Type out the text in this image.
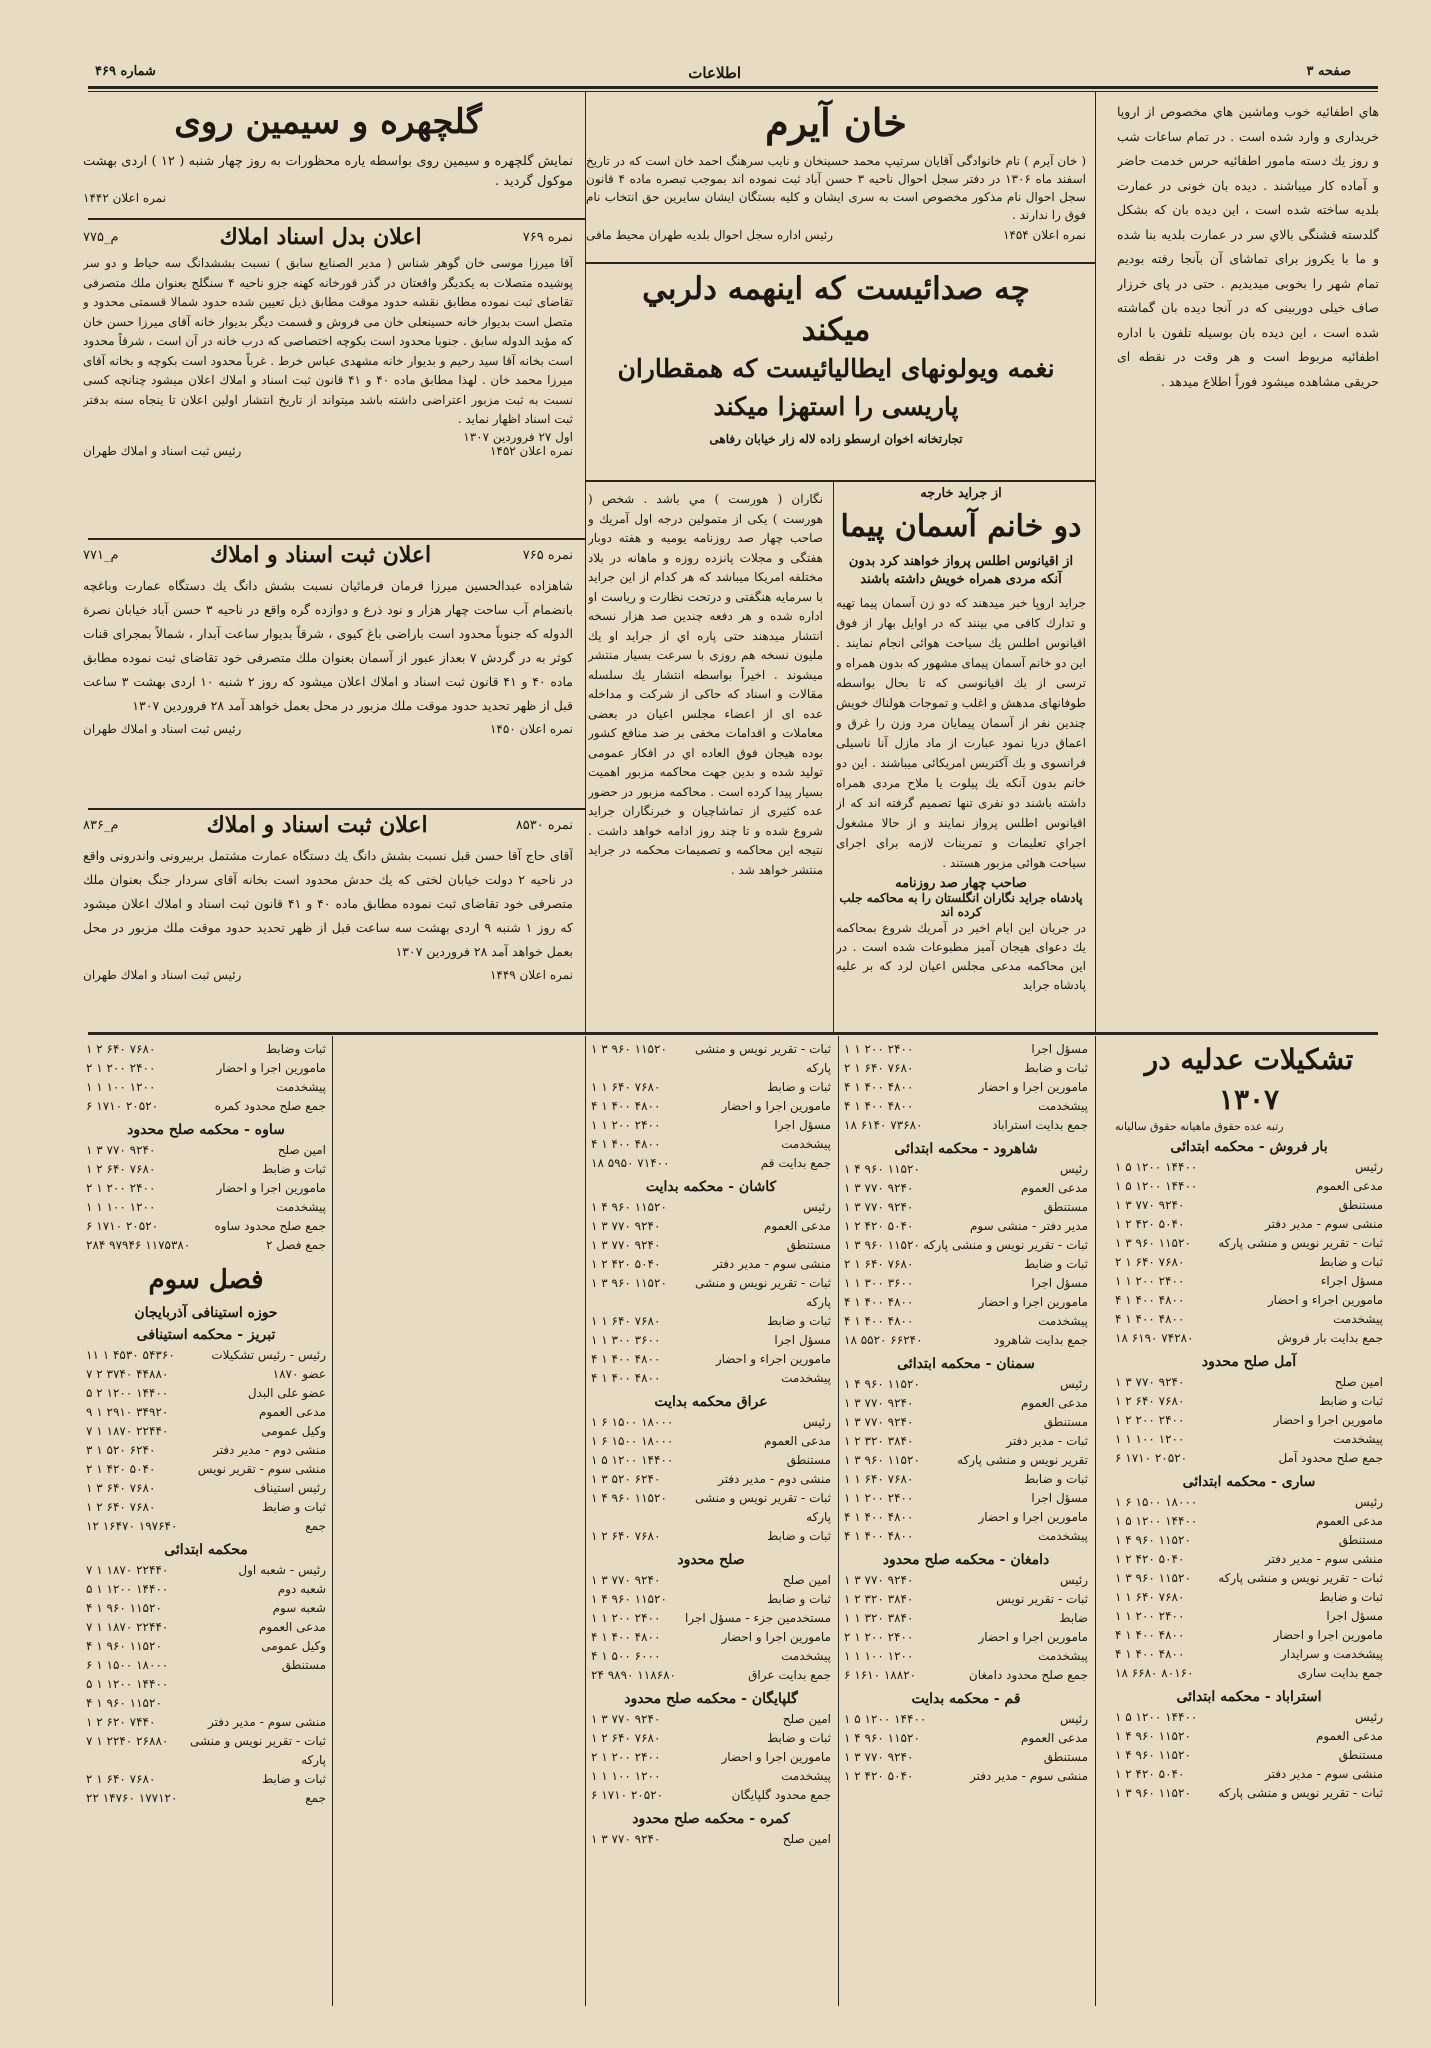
صفحه ۳
اطلاعات
شماره ۴۶۹
هاي اطفائيه خوب وماشين هاي مخصوص از اروپا خريدارى و وارد شده است . در تمام ساعات شب و روز يك دسته مامور اطفائيه حرس خدمت حاضر و آماده كار ميباشند . ديده بان خونى در عمارت بلديه ساخته شده است ، اين ديده بان كه بشكل گلدسته قشنگى بالاي سر در عمارت بلديه بنا شده و ما با يكروز براى تماشاى آن بآنجا رفته بوديم تمام شهر را بخوبى ميديديم . حتى در پاى خرزار صاف خيلى دوربينى كه در آنجا ديده بان گماشته شده است ، اين ديده بان بوسيله تلفون با اداره اطفائيه مربوط است و هر وقت در نقطه اى حريقى مشاهده ميشود فوراً اطلاع ميدهد .
خان آيرم
( خان آيرم ) نام خانوادگى آقايان سرتيپ محمد حسينخان و نايب سرهنگ احمد خان است كه در تاريخ اسفند ماه ۱۳۰۶ در دفتر سجل احوال ناحيه ۳ حسن آباد ثبت نموده اند بموجب تبصره ماده ۴ قانون سجل احوال نام مذكور مخصوص است به سرى ايشان و كليه بستگان ايشان سايرين حق انتخاب نام فوق را ندارند .
نمره اعلان ۱۴۵۴
رئيس اداره سجل احوال بلديه طهران محيط مافى
چه صدائيست كه اينهمه دلربي
ميكند
نغمه ويولونهاى ايطاليائيست كه همقطاران
پاريسى را استهزا ميكند
تجارتخانه اخوان ارسطو زاده لاله زار خيابان رفاهى
از جرايد خارجه
دو خانم آسمان پيما
از اقيانوس اطلس پرواز خواهند كرد بدون آنكه مردى همراه خويش داشته باشند
جرايد اروپا خبر ميدهند كه دو زن آسمان پيما تهيه و تدارك كافى مي بينند كه در اوايل بهار از فوق اقيانوس اطلس يك سياحت هوائى انجام نمايند . اين دو خانم آسمان پيماى مشهور كه بدون همراه و ترسى از بك اقيانوسى كه تا بحال بواسطه طوفانهاى مدهش و اغلب و تموجات هولناك خويش چندين نفر از آسمان پيمايان مرد وزن را غرق و اعماق دريا نمود عبارت از ماد مازل آنا ناسيلى فرانسوى و بك آكتريس امريكائى ميباشند . اين دو خانم بدون آنكه يك پيلوت يا ملاح مردى همراه داشته باشند دو نفرى تنها تصميم گرفته اند كه از اقيانوس اطلس پرواز نمايند و از حالا مشغول اجراي تعليمات و تمرينات لازمه براى اجراى سياحت هوائى مزبور هستند .
صاحب چهار صد روزنامه
پادشاه جرايد نگاران انگلستان را به محاكمه جلب كرده اند
در جريان اين ايام اخير در آمريك شروع بمحاكمه يك دعواى هيجان آميز مطبوعات شده است . در اين محاكمه مدعى مجلس اعيان لرد كه بر عليه پادشاه جرايد
نگاران ( هورست ) مي باشد . شخص ( هورست ) يكى از متمولين درجه اول آمريك و صاحب چهار صد روزنامه يوميه و هفته دوبار هفتگى و مجلات پانزده روزه و ماهانه در بلاد مختلفه امريكا ميباشد كه هر كدام از اين جرايد با سرمايه هنگفتى و درتحت نظارت و رياست او اداره شده و هر دفعه چندين صد هزار نسخه انتشار ميدهند حتى پاره اي از جرايد او يك مليون نسخه هم روزى با سرعت بسيار منتشر ميشوند . اخيراً بواسطه انتشار يك سلسله مقالات و اسناد كه حاكى از شركت و مداخله عده اى از اعضاء مجلس اعيان در بعضى معاملات و اقدامات مخفى بر ضد منافع كشور بوده هيجان فوق العاده اي در افكار عمومى توليد شده و بدين جهت محاكمه مزبور اهميت بسيار پيدا كرده است . محاكمه مزبور در حضور عده كثيرى از تماشاچيان و خبرنگاران جرايد شروع شده و تا چند روز ادامه خواهد داشت . نتيجه اين محاكمه و تصميمات محكمه در جرايد منتشر خواهد شد .
گلچهره و سيمين روى
نمايش گلچهره و سيمين روى بواسطه ياره محظورات به روز چهار شنبه ( ۱۲ ) اردى بهشت موكول گرديد .
نمره اعلان ۱۴۴۲
نمره ۷۶۹
اعلان بدل اسناد املاك
م_۷۷۵
آقا ميرزا موسى خان گوهر شناس ( مدير الصنايع سابق ) نسبت بششدانگ سه حياط و دو سر پوشيده متصلات به يكديگر واقعتان در گذر قورخانه كهنه جزو ناحيه ۴ سنگلج بعنوان ملك متصرفى تقاضاى ثبت نموده مطابق نقشه حدود موقت مطابق ذيل تعيين شده حدود شمالا قسمتى محدود و متصل است بديوار خانه حسينعلى خان مى فروش و قسمت ديگر بديوار خانه آقاى ميرزا حسن خان كه مؤيد الدوله سابق . جنوبا محدود است بكوچه اختصاصى كه درب خانه در آن است ، شرقاً محدود است بخانه آقا سيد رحيم و بديوار خانه مشهدى عباس خرط . غرباً محدود است بكوچه و بخانه آقاى ميرزا محمد خان . لهذا مطابق ماده ۴۰ و ۴۱ قانون ثبت اسناد و املاك اعلان ميشود چنانچه كسى نسبت به ثبت مزبور اعتراضى داشته باشد ميتواند از تاريخ انتشار اولين اعلان تا ينجاه سنه بدفتر ثبت اسناد اظهار نمايد .
اول ۲۷ فروردين ۱۳۰۷
نمره اعلان ۱۴۵۲
رئيس ثبت اسناد و املاك طهران
نمره ۷۶۵
اعلان ثبت اسناد و املاك
م_۷۷۱
شاهزاده عبدالحسين ميرزا فرمان فرمائيان نسبت بشش دانگ يك دستگاه عمارت وباغچه بانضمام آب ساحت چهار هزار و نود ذرع و دوازده گره واقع در ناحيه ۳ حسن آباد خيابان نصرة الدوله كه جنوباً محدود است باراضى باغ كيوى ، شرقاً بديوار ساعت آبدار ، شمالاً بمجراى قنات كوثر به در گردش ۷ بعداز عبور از آسمان بعنوان ملك متصرفى خود تقاضاى ثبت نموده مطابق ماده ۴۰ و ۴۱ قانون ثبت اسناد و املاك اعلان ميشود كه روز ۲ شنبه ۱۰ اردى بهشت ۳ ساعت قبل از ظهر تحديد حدود موقت ملك مزبور در محل بعمل خواهد آمد ۲۸ فروردين ۱۳۰۷
نمره اعلان ۱۴۵۰
رئيس ثبت اسناد و املاك طهران
نمره ۸۵۳۰
اعلان ثبت اسناد و املاك
م_۸۳۶
آقاى حاج آقا حسن قبل نسبت بشش دانگ يك دستگاه عمارت مشتمل بربيرونى واندرونى واقع در ناحيه ۲ دولت خيابان لختى كه يك حدش محدود است بخانه آقاى سردار جنگ بعنوان ملك متصرفى خود تقاضاى ثبت نموده مطابق ماده ۴۰ و ۴۱ قانون ثبت اسناد و املاك اعلان ميشود كه روز ۱ شنبه ۹ اردى بهشت سه ساعت قبل از ظهر تحديد حدود موقت ملك مزبور در محل بعمل خواهد آمد ۲۸ فروردين ۱۳۰۷
نمره اعلان ۱۴۴۹
رئيس ثبت اسناد و املاك طهران
تشكيلات عدليه در ۱۳۰۷
رتبه عده حقوق ماهيانه حقوق ساليانه
بار فروش - محكمه ابتدائى
رئيس
۱ ۵ ۱۲۰۰ ۱۴۴۰۰
مدعى العموم
۱ ۵ ۱۲۰۰ ۱۴۴۰۰
مستنطق
۱ ۳ ۷۷۰ ۹۲۴۰
منشى سوم - مدير دفتر
۱ ۲ ۴۲۰ ۵۰۴۰
ثبات - تقرير نويس و منشى پاركه
۱ ۳ ۹۶۰ ۱۱۵۲۰
ثبات و ضابط
۲ ۱ ۶۴۰ ۷۶۸۰
مسؤل اجراء
۱ ۱ ۲۰۰ ۲۴۰۰
مامورين اجراء و احضار
۴ ۱ ۴۰۰ ۴۸۰۰
پيشخدمت
۴ ۱ ۴۰۰ ۴۸۰۰
جمع بدايت بار فروش
۱۸ ۶۱۹۰ ۷۴۲۸۰
آمل صلح محدود
امين صلح
۱ ۳ ۷۷۰ ۹۲۴۰
ثبات و ضابط
۱ ۲ ۶۴۰ ۷۶۸۰
مامورين اجرا و احضار
۱ ۲ ۲۰۰ ۲۴۰۰
پيشخدمت
۱ ۱ ۱۰۰ ۱۲۰۰
جمع صلح محدود آمل
۶ ۱۷۱۰ ۲۰۵۲۰
سارى - محكمه ابتدائى
رئيس
۱ ۶ ۱۵۰۰ ۱۸۰۰۰
مدعى العموم
۱ ۵ ۱۲۰۰ ۱۴۴۰۰
مستنطق
۱ ۴ ۹۶۰ ۱۱۵۲۰
منشى سوم - مدير دفتر
۱ ۲ ۴۲۰ ۵۰۴۰
ثبات - تقرير نويس و منشى پاركه
۱ ۳ ۹۶۰ ۱۱۵۲۰
ثبات و ضابط
۱ ۱ ۶۴۰ ۷۶۸۰
مسؤل اجرا
۱ ۱ ۲۰۰ ۲۴۰۰
مامورين اجرا و احضار
۴ ۱ ۴۰۰ ۴۸۰۰
پيشخدمت و سرايدار
۴ ۱ ۴۰۰ ۴۸۰۰
جمع بدايت سارى
۱۸ ۶۶۸۰ ۸۰۱۶۰
استراباد - محكمه ابتدائى
رئيس
۱ ۵ ۱۲۰۰ ۱۴۴۰۰
مدعى العموم
۱ ۴ ۹۶۰ ۱۱۵۲۰
مستنطق
۱ ۴ ۹۶۰ ۱۱۵۲۰
منشى سوم - مدير دفتر
۱ ۲ ۴۲۰ ۵۰۴۰
ثبات - تقرير نويس و منشى پاركه
۱ ۳ ۹۶۰ ۱۱۵۲۰
مسؤل اجرا
۱ ۱ ۲۰۰ ۲۴۰۰
ثبات و ضابط
۲ ۱ ۶۴۰ ۷۶۸۰
مامورين اجرا و احضار
۴ ۱ ۴۰۰ ۴۸۰۰
پيشخدمت
۴ ۱ ۴۰۰ ۴۸۰۰
جمع بدايت استراباد
۱۸ ۶۱۴۰ ۷۳۶۸۰
شاهرود - محكمه ابتدائى
رئيس
۱ ۴ ۹۶۰ ۱۱۵۲۰
مدعى العموم
۱ ۳ ۷۷۰ ۹۲۴۰
مستنطق
۱ ۳ ۷۷۰ ۹۲۴۰
مدير دفتر - منشى سوم
۱ ۲ ۴۲۰ ۵۰۴۰
ثبات - تقرير نويس و منشى پاركه
۱ ۳ ۹۶۰ ۱۱۵۲۰
ثبات و ضابط
۲ ۱ ۶۴۰ ۷۶۸۰
مسؤل اجرا
۱ ۱ ۳۰۰ ۳۶۰۰
مامورين اجرا و احضار
۴ ۱ ۴۰۰ ۴۸۰۰
پيشخدمت
۴ ۱ ۴۰۰ ۴۸۰۰
جمع بدايت شاهرود
۱۸ ۵۵۲۰ ۶۶۲۴۰
سمنان - محكمه ابتدائى
رئيس
۱ ۴ ۹۶۰ ۱۱۵۲۰
مدعى العموم
۱ ۳ ۷۷۰ ۹۲۴۰
مستنطق
۱ ۳ ۷۷۰ ۹۲۴۰
ثبات - مدير دفتر
۱ ۲ ۳۲۰ ۳۸۴۰
تقرير نويس و منشى پاركه
۱ ۳ ۹۶۰ ۱۱۵۲۰
ثبات و ضابط
۱ ۱ ۶۴۰ ۷۶۸۰
مسؤل اجرا
۱ ۱ ۲۰۰ ۲۴۰۰
مامورين اجرا و احضار
۴ ۱ ۴۰۰ ۴۸۰۰
پيشخدمت
۴ ۱ ۴۰۰ ۴۸۰۰
دامغان - محكمه صلح محدود
رئيس
۱ ۳ ۷۷۰ ۹۲۴۰
ثبات - تقرير نويس
۱ ۲ ۳۲۰ ۳۸۴۰
ضابط
۱ ۱ ۳۲۰ ۳۸۴۰
مامورين اجرا و احضار
۲ ۱ ۲۰۰ ۲۴۰۰
پيشخدمت
۱ ۱ ۱۰۰ ۱۲۰۰
جمع صلح محدود دامغان
۶ ۱۶۱۰ ۱۸۸۲۰
قم - محكمه بدايت
رئيس
۱ ۵ ۱۲۰۰ ۱۴۴۰۰
مدعى العموم
۱ ۴ ۹۶۰ ۱۱۵۲۰
مستنطق
۱ ۳ ۷۷۰ ۹۲۴۰
منشى سوم - مدير دفتر
۱ ۲ ۴۲۰ ۵۰۴۰
ثبات - تقرير نويس و منشى پاركه
۱ ۳ ۹۶۰ ۱۱۵۲۰
ثبات و ضابط
۱ ۱ ۶۴۰ ۷۶۸۰
مامورين اجرا و احضار
۴ ۱ ۴۰۰ ۴۸۰۰
مسؤل اجرا
۱ ۱ ۲۰۰ ۲۴۰۰
پيشخدمت
۴ ۱ ۴۰۰ ۴۸۰۰
جمع بدايت قم
۱۸ ۵۹۵۰ ۷۱۴۰۰
كاشان - محكمه بدايت
رئيس
۱ ۴ ۹۶۰ ۱۱۵۲۰
مدعى العموم
۱ ۳ ۷۷۰ ۹۲۴۰
مستنطق
۱ ۳ ۷۷۰ ۹۲۴۰
منشى سوم - مدير دفتر
۱ ۲ ۴۲۰ ۵۰۴۰
ثبات - تقرير نويس و منشى پاركه
۱ ۳ ۹۶۰ ۱۱۵۲۰
ثبات و ضابط
۱ ۱ ۶۴۰ ۷۶۸۰
مسؤل اجرا
۱ ۱ ۳۰۰ ۳۶۰۰
مامورين اجراء و احضار
۴ ۱ ۴۰۰ ۴۸۰۰
پيشخدمت
۴ ۱ ۴۰۰ ۴۸۰۰
عراق محكمه بدايت
رئيس
۱ ۶ ۱۵۰۰ ۱۸۰۰۰
مدعى العموم
۱ ۶ ۱۵۰۰ ۱۸۰۰۰
مستنطق
۱ ۵ ۱۲۰۰ ۱۴۴۰۰
منشى دوم - مدير دفتر
۱ ۳ ۵۲۰ ۶۲۴۰
ثبات - تقرير نويس و منشى پاركه
۱ ۴ ۹۶۰ ۱۱۵۲۰
ثبات و ضابط
۱ ۲ ۶۴۰ ۷۶۸۰
صلح محدود
امين صلح
۱ ۳ ۷۷۰ ۹۲۴۰
ثبات و ضابط
۱ ۴ ۹۶۰ ۱۱۵۲۰
مستخدمين جزء - مسؤل اجرا
۱ ۱ ۲۰۰ ۲۴۰۰
مامورين اجرا و احضار
۴ ۱ ۴۰۰ ۴۸۰۰
پيشخدمت
۴ ۱ ۵۰۰ ۶۰۰۰
جمع بدايت عراق
۲۴ ۹۸۹۰ ۱۱۸۶۸۰
گلپايگان - محكمه صلح محدود
امين صلح
۱ ۳ ۷۷۰ ۹۲۴۰
ثبات و ضابط
۱ ۲ ۶۴۰ ۷۶۸۰
مامورين اجرا و احضار
۲ ۱ ۲۰۰ ۲۴۰۰
پيشخدمت
۱ ۱ ۱۰۰ ۱۲۰۰
جمع محدود گلپايگان
۶ ۱۷۱۰ ۲۰۵۲۰
كمره - محكمه صلح محدود
امين صلح
۱ ۳ ۷۷۰ ۹۲۴۰
ثبات وضابط
۱ ۲ ۶۴۰ ۷۶۸۰
مامورين اجرا و احضار
۲ ۱ ۲۰۰ ۲۴۰۰
پيشخدمت
۱ ۱ ۱۰۰ ۱۲۰۰
جمع صلح محدود كمره
۶ ۱۷۱۰ ۲۰۵۲۰
ساوه - محكمه صلح محدود
امين صلح
۱ ۳ ۷۷۰ ۹۲۴۰
ثبات و ضابط
۱ ۲ ۶۴۰ ۷۶۸۰
مامورين اجرا و احضار
۲ ۱ ۲۰۰ ۲۴۰۰
پيشخدمت
۱ ۱ ۱۰۰ ۱۲۰۰
جمع صلح محدود ساوه
۶ ۱۷۱۰ ۲۰۵۲۰
جمع فصل ۲
۲۸۴ ۹۷۹۴۶ ۱۱۷۵۳۸۰
فصل سوم
حوزه استينافى آذربايجان
تبريز - محكمه استينافى
رئيس - رئيس تشكيلات
۱۱ ۱ ۴۵۳۰ ۵۴۳۶۰
عضو ۱۸۷۰
۷ ۲ ۳۷۴۰ ۴۴۸۸۰
عضو على البدل
۵ ۲ ۱۲۰۰ ۱۴۴۰۰
مدعى العموم
۹ ۱ ۲۹۱۰ ۳۴۹۲۰
وكيل عمومى
۷ ۱ ۱۸۷۰ ۲۲۴۴۰
منشى دوم - مدير دفتر
۳ ۱ ۵۲۰ ۶۲۴۰
منشى سوم - تقرير نويس
۲ ۱ ۴۲۰ ۵۰۴۰
رئيس استيناف
۱ ۳ ۶۴۰ ۷۶۸۰
ثبات و ضابط
۱ ۲ ۶۴۰ ۷۶۸۰
جمع
۱۲ ۱۶۴۷۰ ۱۹۷۶۴۰
محكمه ابتدائى
رئيس - شعبه اول
۷ ۱ ۱۸۷۰ ۲۲۴۴۰
شعبه دوم
۵ ۱ ۱۲۰۰ ۱۴۴۰۰
شعبه سوم
۴ ۱ ۹۶۰ ۱۱۵۲۰
مدعى العموم
۷ ۱ ۱۸۷۰ ۲۲۴۴۰
وكيل عمومى
۴ ۱ ۹۶۰ ۱۱۵۲۰
مستنطق
۶ ۱ ۱۵۰۰ ۱۸۰۰۰
۵ ۱ ۱۲۰۰ ۱۴۴۰۰
۴ ۱ ۹۶۰ ۱۱۵۲۰
منشى سوم - مدير دفتر
۱ ۲ ۶۲۰ ۷۴۴۰
ثبات - تقرير نويس و منشى پاركه
۷ ۱ ۲۲۴۰ ۲۶۸۸۰
ثبات و ضابط
۲ ۱ ۶۴۰ ۷۶۸۰
جمع
۲۲ ۱۴۷۶۰ ۱۷۷۱۲۰
